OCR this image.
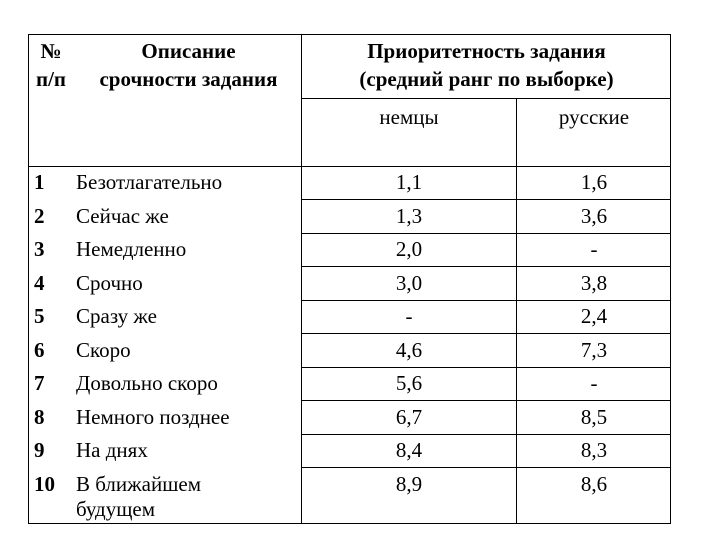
№
п/п
Описание
срочности задания
Приоритетность задания
(средний ранг по выборке)
немцы	русские
1	Безотлагательно	1,1	1,6
2	Сейчас же	1,3	3,6
3	Немедленно	2,0	-
4	Срочно	3,0	3,8
5	Сразу же	-	2,4
6	Скоро	4,6	7,3
7	Довольно скоро	5,6	-
8	Немного позднее	6,7	8,5
9	На днях	8,4	8,3
10	В ближайшем	8,9	8,6
будущем
